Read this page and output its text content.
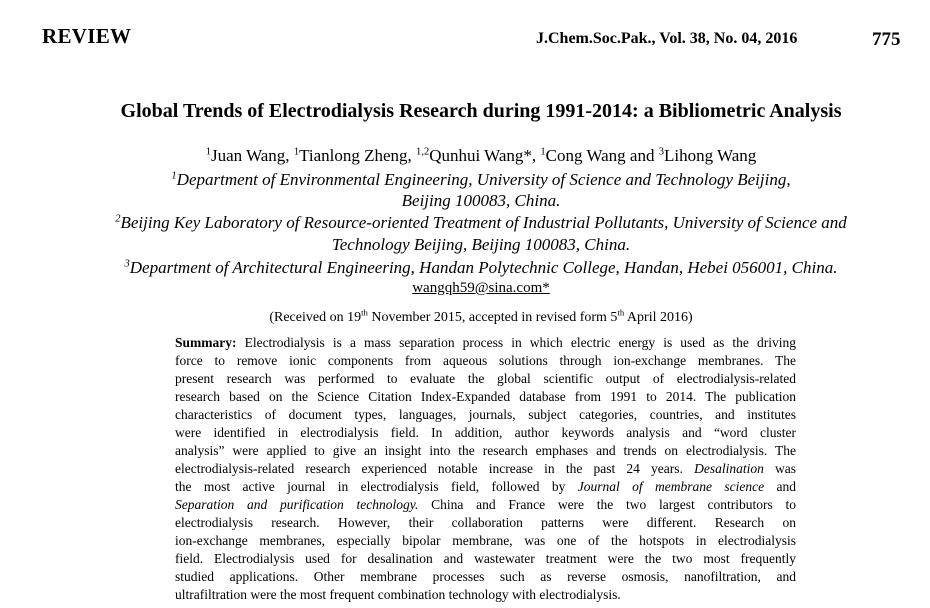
REVIEW	J.Chem.Soc.Pak., Vol. 38, No. 04, 2016	775
Global Trends of Electrodialysis Research during 1991-2014: a Bibliometric Analysis
$^1$Juan Wang, $^1$Tianlong Zheng, $^{1,2}$Qunhui Wang*, $^1$Cong Wang and $^3$Lihong Wang
$^1$Department of Environmental Engineering, University of Science and Technology Beijing,
Beijing 100083, China.
$^2$Beijing Key Laboratory of Resource-oriented Treatment of Industrial Pollutants, University of Science and
Technology Beijing, Beijing 100083, China.
$^3$Department of Architectural Engineering, Handan Polytechnic College, Handan, Hebei 056001, China.
wangqh59@sina.com*
(Received on 19th November 2015, accepted in revised form 5th April 2016)
Summary: Electrodialysis is a mass separation process in which electric energy is used as the driving
force to remove ionic components from aqueous solutions through ion-exchange membranes. The
present research was performed to evaluate the global scientific output of electrodialysis-related
research based on the Science Citation Index-Expanded database from 1991 to 2014. The publication
characteristics of document types, languages, journals, subject categories, countries, and institutes
were identified in electrodialysis field. In addition, author keywords analysis and “word cluster
analysis” were applied to give an insight into the research emphases and trends on electrodialysis. The
electrodialysis-related research experienced notable increase in the past 24 years. Desalination was
the most active journal in electrodialysis field, followed by Journal of membrane science and
Separation and purification technology. China and France were the two largest contributors to
electrodialysis research. However, their collaboration patterns were different. Research on
ion-exchange membranes, especially bipolar membrane, was one of the hotspots in electrodialysis
field. Electrodialysis used for desalination and wastewater treatment were the two most frequently
studied applications. Other membrane processes such as reverse osmosis, nanofiltration, and
ultrafiltration were the most frequent combination technology with electrodialysis.
